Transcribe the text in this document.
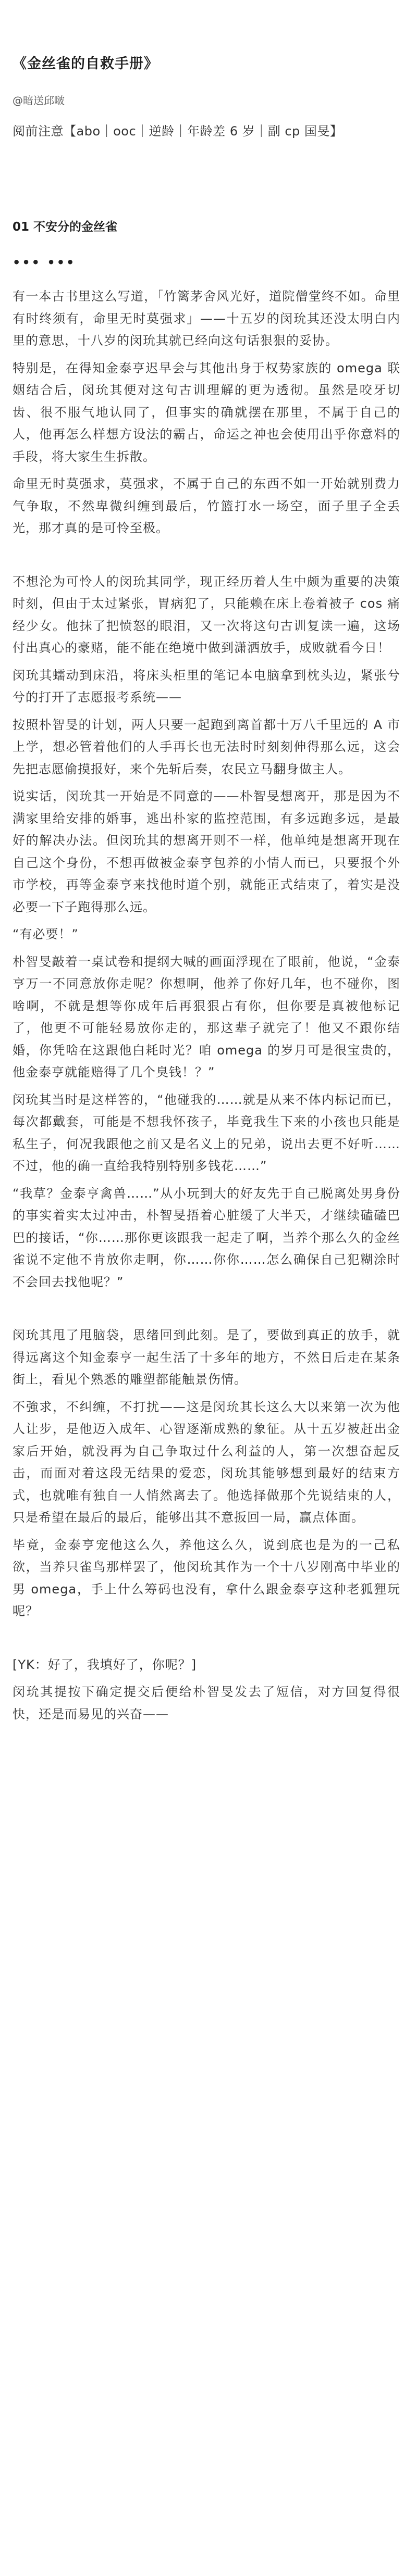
《金丝雀的自救手册》
@暗送邱啵
阅前注意【abo｜ooc｜逆龄｜年龄差 6 岁｜副 cp 国旻】
01 不安分的金丝雀
••• •••

有一本古书里这么写道，「竹篱茅舍风光好，道院僧堂终不如。命里有时终须有，命里无时莫强求」——十五岁的闵玧其还没太明白内里的意思，十八岁的闵玧其就已经向这句话狠狠的妥协。

特别是，在得知金泰亨迟早会与其他出身于权势家族的 omega 联姻结合后，闵玧其便对这句古训理解的更为透彻。虽然是咬牙切齿、很不服气地认同了，但事实的确就摆在那里，不属于自己的人，他再怎么样想方设法的霸占，命运之神也会使用出乎你意料的手段，将大家生生拆散。

命里无时莫强求，莫强求，不属于自己的东西不如一开始就别费力气争取，不然卑微纠缠到最后，竹篮打水一场空，面子里子全丢光，那才真的是可怜至极。

不想沦为可怜人的闵玧其同学，现正经历着人生中颇为重要的决策时刻，但由于太过紧张，胃病犯了，只能赖在床上卷着被子 cos 痛经少女。他抹了把愤怒的眼泪，又一次将这句古训复读一遍，这场付出真心的豪赌，能不能在绝境中做到潇洒放手，成败就看今日！

闵玧其蠕动到床沿，将床头柜里的笔记本电脑拿到枕头边，紧张兮兮的打开了志愿报考系统——

按照朴智旻的计划，两人只要一起跑到离首都十万八千里远的 A 市上学，想必管着他们的人手再长也无法时时刻刻伸得那么远，这会先把志愿偷摸报好，来个先斩后奏，农民立马翻身做主人。

说实话，闵玧其一开始是不同意的——朴智旻想离开，那是因为不满家里给安排的婚事，逃出朴家的监控范围，有多远跑多远，是最好的解决办法。但闵玧其的想离开则不一样，他单纯是想离开现在自己这个身份，不想再做被金泰亨包养的小情人而已，只要报个外市学校，再等金泰亨来找他时道个别，就能正式结束了，着实是没必要一下子跑得那么远。

“有必要！”

朴智旻敲着一桌试卷和提纲大喊的画面浮现在了眼前，他说，“金泰亨万一不同意放你走呢？你想啊，他养了你好几年，也不碰你，图啥啊，不就是想等你成年后再狠狠占有你，但你要是真被他标记了，他更不可能轻易放你走的，那这辈子就完了！他又不跟你结婚，你凭啥在这跟他白耗时光？咱 omega 的岁月可是很宝贵的，他金泰亨就能赔得了几个臭钱！？”

闵玧其当时是这样答的，“他碰我的……就是从来不体内标记而已，每次都戴套，可能是不想我怀孩子，毕竟我生下来的小孩也只能是私生子，何况我跟他之前又是名义上的兄弟，说出去更不好听……不过，他的确一直给我特别特别多钱花……”

“我草？金泰亨禽兽……”从小玩到大的好友先于自己脱离处男身份的事实着实太过冲击，朴智旻捂着心脏缓了大半天，才继续磕磕巴巴的接话，“你……那你更该跟我一起走了啊，当养个那么久的金丝雀说不定他不肯放你走啊，你……你你……怎么确保自己犯糊涂时不会回去找他呢？”

闵玧其甩了甩脑袋，思绪回到此刻。是了，要做到真正的放手，就得远离这个知金泰亨一起生活了十多年的地方，不然日后走在某条街上，看见个熟悉的雕塑都能触景伤情。

不強求，不纠缠，不打扰——这是闵玧其长这么大以来第一次为他人让步，是他迈入成年、心智逐渐成熟的象征。从十五岁被赶出金家后开始，就没再为自己争取过什么利益的人，第一次想奋起反击，而面对着这段无结果的爱恋，闵玧其能够想到最好的结束方式，也就唯有独自一人悄然离去了。他选择做那个先说结束的人，只是希望在最后的最后，能够出其不意扳回一局，赢点体面。

毕竟，金泰亨宠他这么久，养他这么久，说到底也是为的一己私欲，当养只雀鸟那样罢了，他闵玧其作为一个十八岁刚高中毕业的男 omega，手上什么筹码也没有，拿什么跟金泰亨这种老狐狸玩呢？

[YK：好了，我填好了，你呢？]

闵玧其提按下确定提交后便给朴智旻发去了短信，对方回复得很快，还是而易见的兴奋——
